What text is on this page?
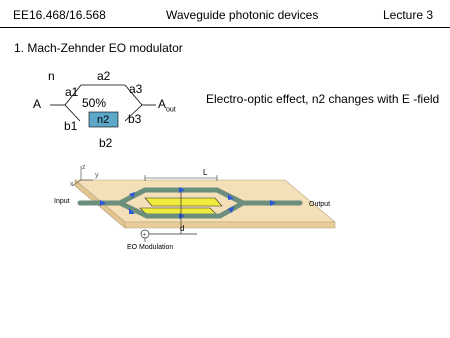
EE16.468/16.568	Waveguide photonic devices	Lecture 3
1. Mach-Zehnder EO modulator
n	a2
a1	a3
A	50%	$A_{out}$
n2
b1	b3
b2
Electro-optic effect, n2 changes with E -field
+
z
x
y	L
Input	Output
d
EO Modulation
